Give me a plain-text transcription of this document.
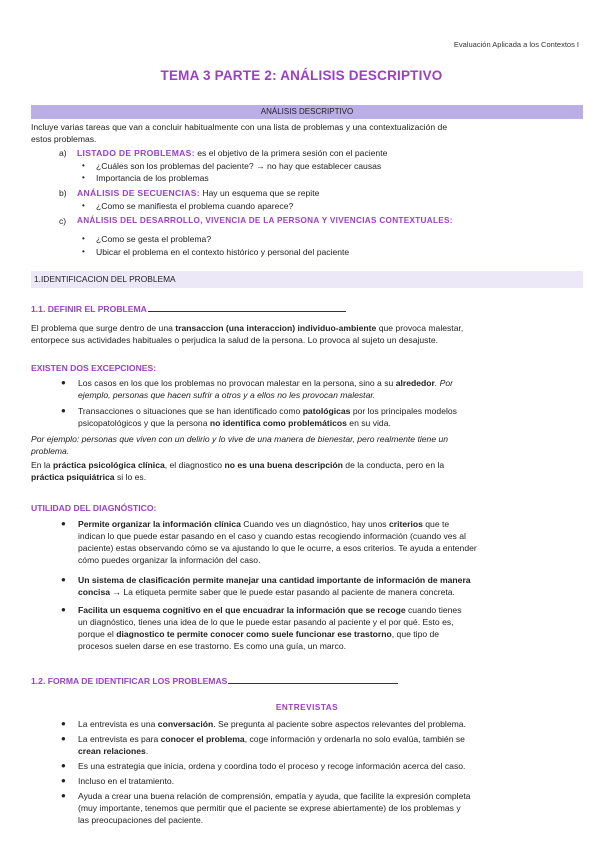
Evaluación Aplicada a los Contextos I
TEMA 3 PARTE 2: ANÁLISIS DESCRIPTIVO
ANÁLISIS DESCRIPTIVO
Incluye varias tareas que van a concluir habitualmente con una lista de problemas y una contextualización de
estos problemas.
a) LISTADO DE PROBLEMAS: es el objetivo de la primera sesión con el paciente
• ¿Cuáles son los problemas del paciente? → no hay que establecer causas
• Importancia de los problemas
b) ANÁLISIS DE SECUENCIAS: Hay un esquema que se repite
• ¿Como se manifiesta el problema cuando aparece?
c) ANÁLISIS DEL DESARROLLO, VIVENCIA DE LA PERSONA Y VIVENCIAS CONTEXTUALES:
• ¿Como se gesta el problema?
• Ubicar el problema en el contexto histórico y personal del paciente
1.IDENTIFICACION DEL PROBLEMA
1.1. DEFINIR EL PROBLEMA
El problema que surge dentro de una transaccion (una interaccion) individuo-ambiente que provoca malestar,
entorpece sus actividades habituales o perjudica la salud de la persona. Lo provoca al sujeto un desajuste.
EXISTEN DOS EXCEPCIONES:
● Los casos en los que los problemas no provocan malestar en la persona, sino a su alrededor. Por
ejemplo, personas que hacen sufrir a otros y a ellos no les provocan malestar.
● Transacciones o situaciones que se han identificado como patológicas por los principales modelos
psicopatológicos y que la persona no identifica como problemáticos en su vida.
Por ejemplo: personas que viven con un delirio y lo vive de una manera de bienestar, pero realmente tiene un
problema.
En la práctica psicológica clínica, el diagnostico no es una buena descripción de la conducta, pero en la
práctica psiquiátrica si lo es.
UTILIDAD DEL DIAGNÓSTICO:
● Permite organizar la información clínica Cuando ves un diagnóstico, hay unos criterios que te
indican lo que puede estar pasando en el caso y cuando estas recogiendo información (cuando ves al
paciente) estas observando cómo se va ajustando lo que le ocurre, a esos criterios. Te ayuda a entender
cómo puedes organizar la información del caso.
● Un sistema de clasificación permite manejar una cantidad importante de información de manera
concisa → La etiqueta permite saber que le puede estar pasando al paciente de manera concreta.
● Facilita un esquema cognitivo en el que encuadrar la información que se recoge cuando tienes
un diagnóstico, tienes una idea de lo que le puede estar pasando al paciente y el por qué. Esto es,
porque el diagnostico te permite conocer como suele funcionar ese trastorno, que tipo de
procesos suelen darse en ese trastorno. Es como una guía, un marco.
1.2. FORMA DE IDENTIFICAR LOS PROBLEMAS
ENTREVISTAS
● La entrevista es una conversación. Se pregunta al paciente sobre aspectos relevantes del problema.
● La entrevista es para conocer el problema, coge información y ordenarla no solo evalúa, también se
crean relaciones.
● Es una estrategia que inicia, ordena y coordina todo el proceso y recoge información acerca del caso.
● Incluso en el tratamiento.
● Ayuda a crear una buena relación de comprensión, empatía y ayuda, que facilite la expresión completa
(muy importante, tenemos que permitir que el paciente se exprese abiertamente) de los problemas y
las preocupaciones del paciente.
